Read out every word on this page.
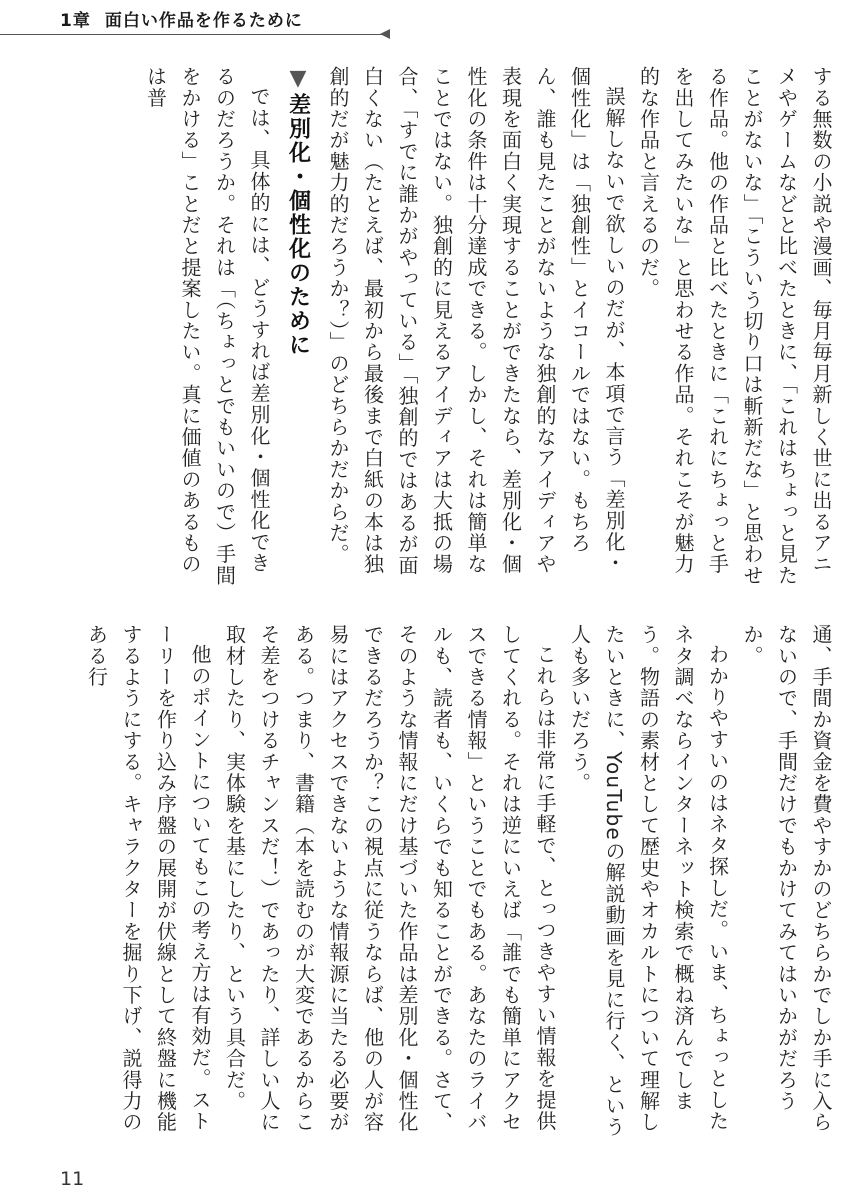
1章 面白い作品を作るために

する無数の小説や漫画、毎月毎月新しく世に出るアニメやゲームなどと比べたときに、「これはちょっと見たことがないな」「こういう切り口は斬新だな」と思わせる作品。他の作品と比べたときに「これにちょっと手を出してみたいな」と思わせる作品。それこそが魅力的な作品と言えるのだ。

誤解しないで欲しいのだが、本項で言う「差別化・個性化」は「独創性」とイコールではない。もちろん、誰も見たことがないような独創的なアイディアや表現を面白く実現することができたなら、差別化・個性化の条件は十分達成できる。しかし、それは簡単なことではない。独創的に見えるアイディアは大抵の場合、「すでに誰かがやっている」「独創的ではあるが面白くない（たとえば、最初から最後まで白紙の本は独創的だが魅力的だろうか？）」のどちらかだからだ。

▼差別化・個性化のために

では、具体的には、どうすれば差別化・個性化できるのだろうか。それは「（ちょっとでもいいので）手間をかける」ことだと提案したい。真に価値のあるものは普

通、手間か資金を費やすかのどちらかでしか手に入らないので、手間だけでもかけてみてはいかがだろうか。

わかりやすいのはネタ探しだ。いま、ちょっとしたネタ調べならインターネット検索で概ね済んでしまう。物語の素材として歴史やオカルトについて理解したいときに、YouTubeの解説動画を見に行く、という人も多いだろう。

これらは非常に手軽で、とっつきやすい情報を提供してくれる。それは逆にいえば「誰でも簡単にアクセスできる情報」ということでもある。あなたのライバルも、読者も、いくらでも知ることができる。さて、そのような情報にだけ基づいた作品は差別化・個性化できるだろうか？この視点に従うならば、他の人が容易にはアクセスできないような情報源に当たる必要がある。つまり、書籍（本を読むのが大変であるからこそ差をつけるチャンスだ！）であったり、詳しい人に取材したり、実体験を基にしたり、という具合だ。

他のポイントについてもこの考え方は有効だ。ストーリーを作り込み序盤の展開が伏線として終盤に機能するようにする。キャラクターを掘り下げ、説得力のある行

11
